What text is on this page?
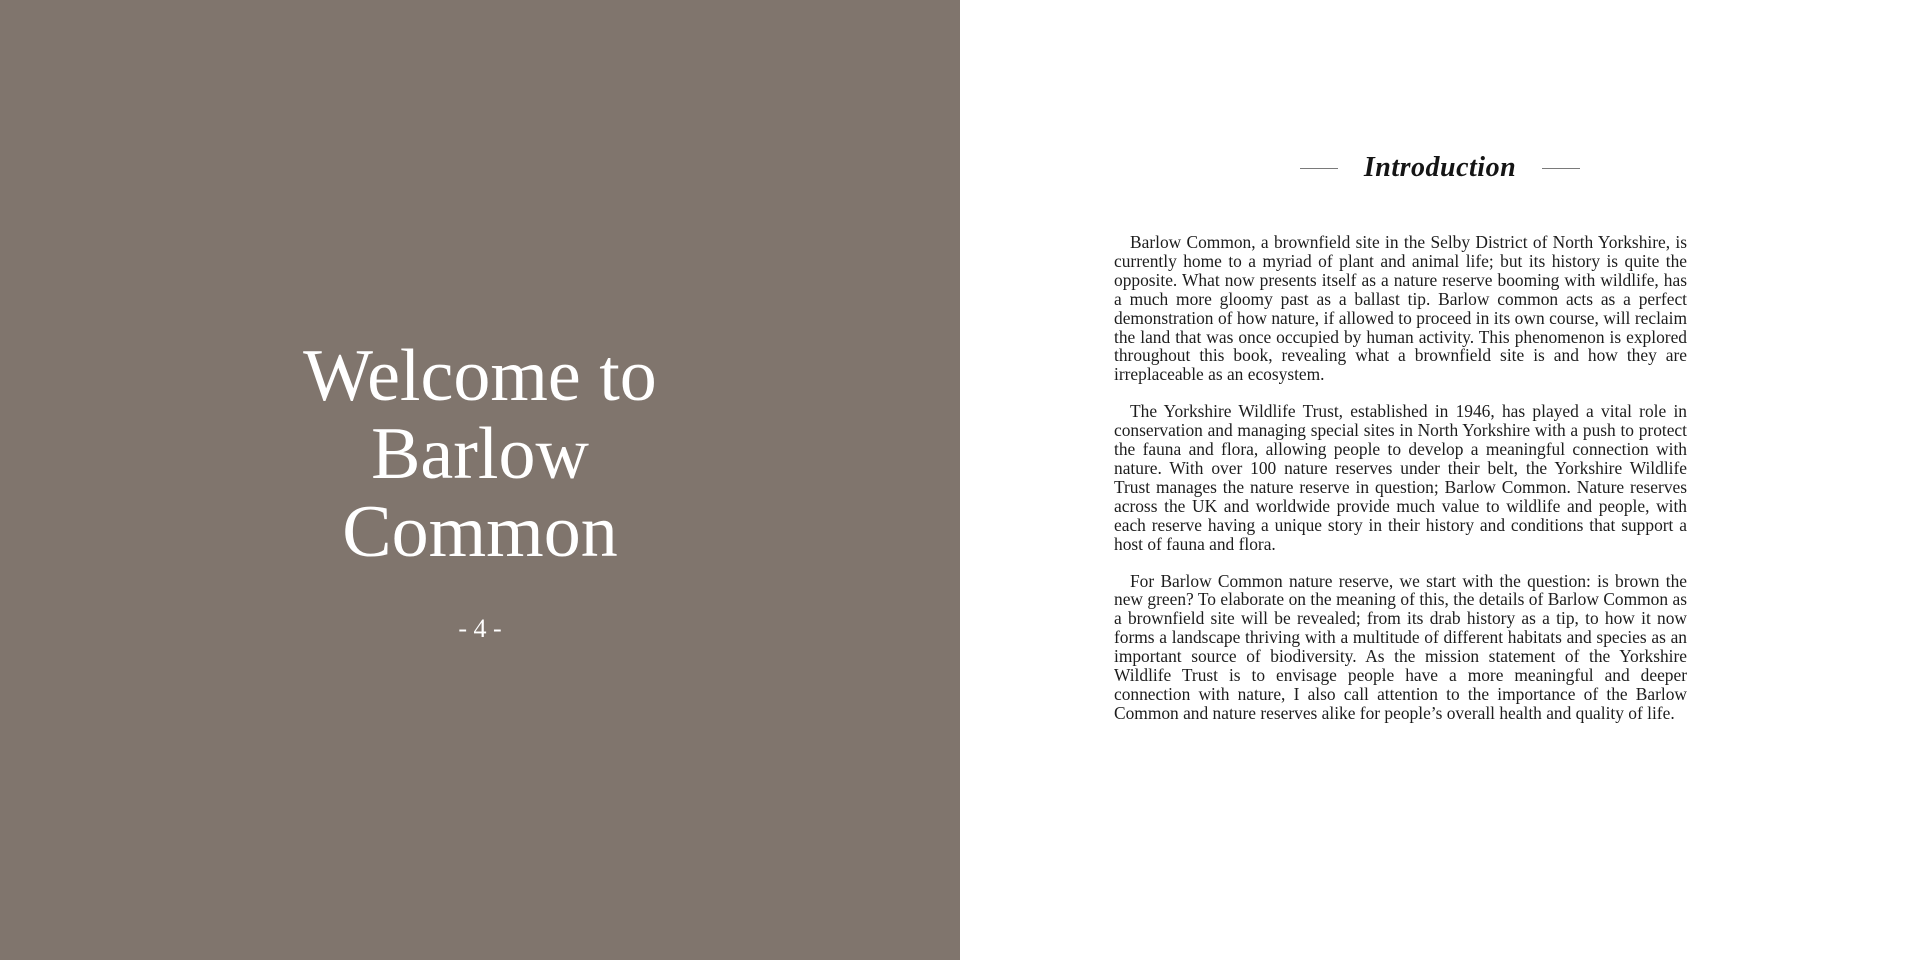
Welcome to
Barlow
Common
- 4 -
Introduction

Barlow Common, a brownfield site in the Selby District of North Yorkshire, is currently home to a myriad of plant and animal life; but its history is quite the opposite. What now presents itself as a nature reserve booming with wildlife, has a much more gloomy past as a ballast tip. Barlow common acts as a perfect demonstration of how nature, if allowed to proceed in its own course, will reclaim the land that was once occupied by human activity. This phenomenon is explored throughout this book, revealing what a brownfield site is and how they are irreplaceable as an ecosystem.

The Yorkshire Wildlife Trust, established in 1946, has played a vital role in conservation and managing special sites in North Yorkshire with a push to protect the fauna and flora, allowing people to develop a meaningful connection with nature. With over 100 nature reserves under their belt, the Yorkshire Wildlife Trust manages the nature reserve in question; Barlow Common. Nature reserves across the UK and worldwide provide much value to wildlife and people, with each reserve having a unique story in their history and conditions that support a host of fauna and flora.

For Barlow Common nature reserve, we start with the question: is brown the new green? To elaborate on the meaning of this, the details of Barlow Common as a brownfield site will be revealed; from its drab history as a tip, to how it now forms a landscape thriving with a multitude of different habitats and species as an important source of biodiversity. As the mission statement of the Yorkshire Wildlife Trust is to envisage people have a more meaningful and deeper connection with nature, I also call attention to the importance of the Barlow Common and nature reserves alike for people’s overall health and quality of life.
